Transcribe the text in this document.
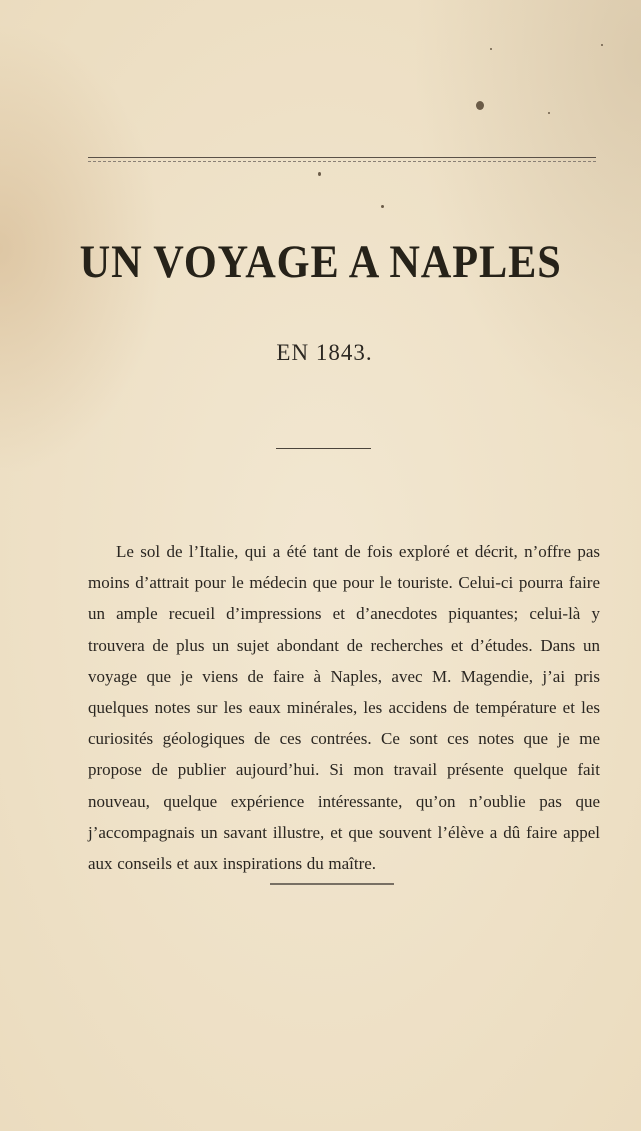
UN VOYAGE A NAPLES
EN 1843.

Le sol de l’Italie, qui a été tant de fois exploré et décrit, n’offre pas moins d’attrait pour le médecin que pour le touriste. Celui-ci pourra faire un ample recueil d’impressions et d’anecdotes piquantes; celui-là y trouvera de plus un sujet abondant de recherches et d’études. Dans un voyage que je viens de faire à Naples, avec M. Magendie, j’ai pris quelques notes sur les eaux minérales, les accidens de température et les curiosités géologiques de ces contrées. Ce sont ces notes que je me propose de publier aujourd’hui. Si mon travail présente quelque fait nouveau, quelque expérience intéressante, qu’on n’oublie pas que j’accompagnais un savant illustre, et que souvent l’élève a dû faire appel aux conseils et aux inspirations du maître.
